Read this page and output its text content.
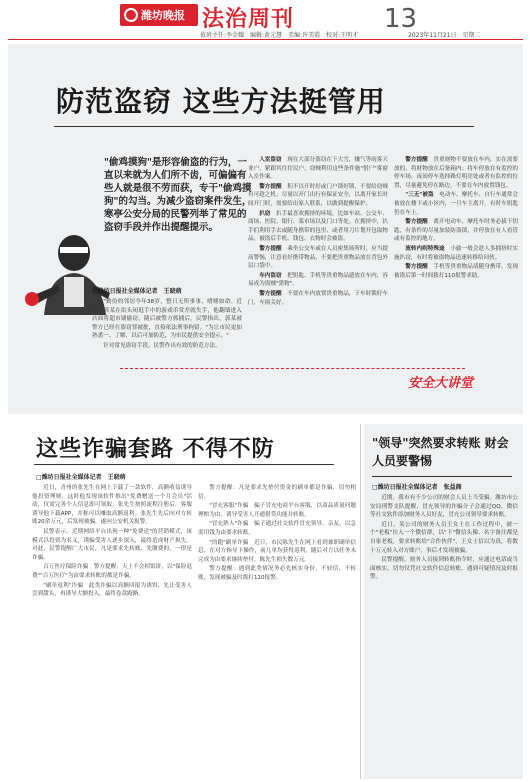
潍坊晚报 法治周刊	13
值班主任:李金耀　编辑:黄元慧　美编:许美霞　校对:王明才	2023年11月21日　星期二
防范盗窃 这些方法挺管用
"偷鸡摸狗"是形容偷盗的行为，一直以来就为人们所不齿，可偏偏有些人就是很不劳而获，专干"偷鸡摸狗"的勾当。为减少盗窃案件发生，寒亭公安分局的民警列举了常见的盗窃手段并作出提醒提示。
□潍坊日报社全媒体记者　王晓萌

"勤俭的邻居今年38岁，整日无所事事，嗜赌如命。近日，郭某在街头闲逛手中的游戏币赏差就失手，他翻墙进入店面将超市铺偷窃，随后被警方抓捕后，民警指出，郭某被警方已经在盗窃罪被批，直接依法刑事拘留。"为让市民更加熟悉一、了解，以后可加防范，为市民提供安全提示。"

针对常见盗窃手段，民警作出有效的防范方法。

入室盗窃　 现在大部分盗窃在下大雪，嫌气等雨雾天业户，紧跟其往往民户，窃贼利用这些条件施"借尸"雾窗入室作案。

警方提醒　 积不以开时好或门户锁好锁，不要给窃贼有可趁之机；尽量以开门出行有保证安全，以离开家长时间开门时，需要给出家人联系，以做到提醒保护。

扒窃　 扒手最喜欢拥挤的环境，比如车站、公交车、商场、医院、银行、菜市场以及门口等处。在拥挤中，扒手们利用手去或随身携带的包里、或者用刀片划开包取物品，被盗后手机、钱包、衣物时会被盗。

警方提醒　 乘坐公交车或在人员密集场所时，应当提高警惕，注意看好携带物品，不要把贵重物品放在背包外层口袋中。

车内盗窃　 把钥匙、手机等贵重物品遗放在车内，容易成为盗贼"猎物"。

警方提醒　 不要在车内放置贵重物品，下车时锁好车门，车窗关好。

警方提醒　 贵重财物不要放在车内，实在需要放的，将财物放在后备箱内；将车停放在有监控的停车场，夜间停车选择路灯明亮处或者有监控的位置，尽量避免停在路边，不要在车内放置钱包。

"三无"被盗　 电动车、摩托车、自行车通常会被放在楼下或小区内，一旦车主离开，有时车钥匙仍在车上。

警方提醒　 离开电动车、摩托车时务必拔下钥匙，有条件的尽量加装防盗锁，并停放在有人看管或有监控的地方。

流转内则特殊途　 小偷一般会趁人多拥挤时实施扒窃，有时将被盗物品迅速转移给同伙。

警方提醒　 手机等贵重物品请随身携带，发现被盗后第一时间拨打110报警求助。

安全大讲堂
这些诈骗套路 不得不防
□潍坊日报社全媒体记者　王晓萌

近日，青州的张先生在网上下载了一款软件，高额收益诱导他投资理财，这时他发现该软件推出"免费赠送一个月会员"活动，仅需完善个人信息即可领取。张先生按照流程注册后，客服诱导他下载APP，并称可以赚取高额返利。张先生先后向对方转账20余万元，后发现被骗，遂向公安机关报警。

民警表示，近期网络平台出现一种"免费送"的营销模式，该模式以投资为名义，诱骗受害人逐步深入，最终造成财产损失。对此，民警提醒广大市民，凡是要求先转账、先缴费的，一律是诈骗。

百万医疗保险诈骗　警方提醒：天上不会掉馅饼，以"保险退费""百万医疗"为由要求转账的都是诈骗。

"刷单返利"诈骗　此类诈骗以高额回报为诱饵，先让受害人尝到甜头，再诱导大额投入，最终卷款跑路。

警方提醒：凡是要求先垫付资金的刷单都是诈骗，切勿相信。

"冒充客服"诈骗　骗子冒充电商平台客服，以商品质量问题理赔为由，诱导受害人开通借贷功能并转账。

"冒充熟人"诈骗　骗子通过社交软件冒充领导、亲友，以急需用钱为由要求转账。

"的跑"刷单诈骗　近日，市民陈先生在网上看到兼职刷单信息，在对方指导下操作，前几单均获得返利，随后对方以任务未完成为由要求继续垫付，陈先生损失数万元。

警方提醒：遇到此类情况务必先核实身份，不轻信、不转账，发现被骗及时拨打110报警。

"领导"突然要求转账 财会人员要警惕
□潍坊日报社全媒体记者　张益阁

近期，我市有不少公司的财会人员上当受骗。潍坊市公安局刑警支队提醒，冒充领导的诈骗分子会通过QQ、微信等社交软件添加财务人员好友，冒充公司领导要求转账。

近日，某公司的财务人员王女士在工作过程中，被一个"老板"拉入一个微信群，以"下"微信头像、名字备注都是自家老板，要求转账给"合作伙伴"，王女士信以为真，将数十万元转入对方账户，事后才发现被骗。

民警提醒，财务人员接到转账指令时，应通过电话或当面核实，切勿仅凭社交软件信息转账，遇到可疑情况及时报警。
